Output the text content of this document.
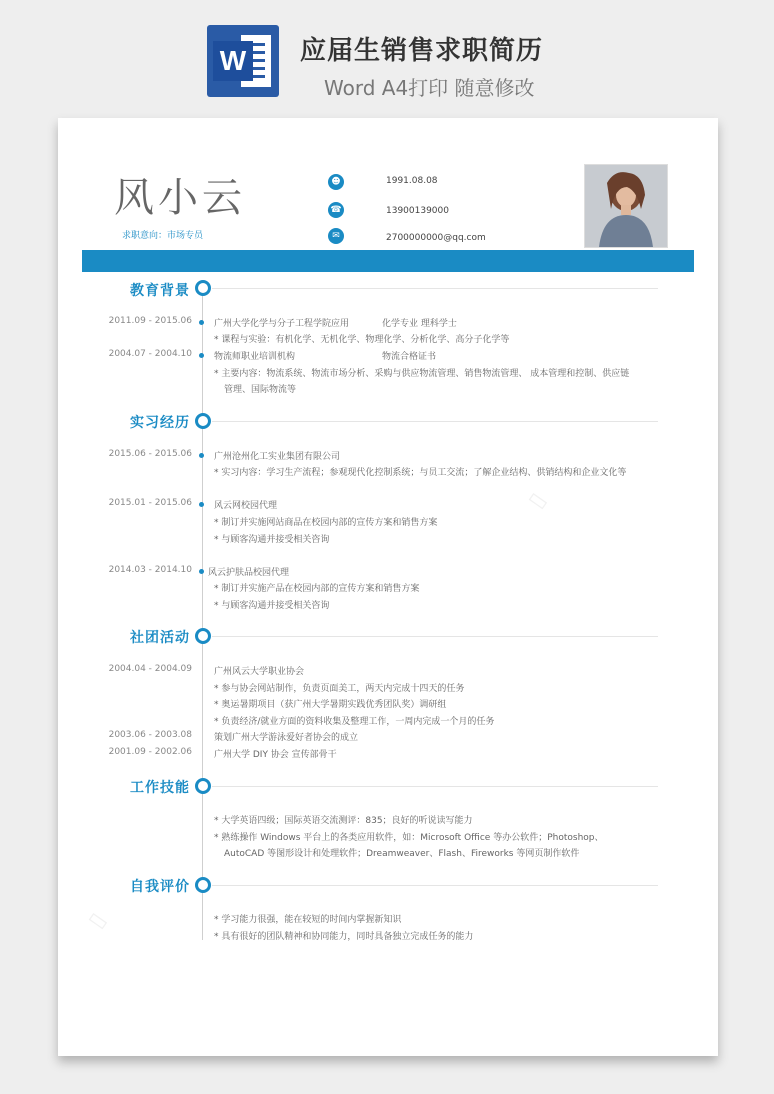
W 应届生销售求职简历
Word A4打印 随意修改
▭
▭
风小云
求职意向：市场专员
☻	1991.08.08
☎	13900139000
✉	2700000000@qq.com
教育背景
2011.09 - 2015.06 广州大学化学与分子工程学院应用	化学专业 理科学士
* 课程与实验：有机化学、无机化学、物理化学、分析化学、高分子化学等
2004.07 - 2004.10 物流师职业培训机构	物流合格证书
* 主要内容：物流系统、物流市场分析、采购与供应物流管理、销售物流管理、 成本管理和控制、供应链
管理、国际物流等
实习经历
2015.06 - 2015.06 广州沧州化工实业集团有限公司
* 实习内容：学习生产流程；参观现代化控制系统；与员工交流；了解企业结构、供销结构和企业文化等
2015.01 - 2015.06 风云网校园代理
* 制订并实施网站商品在校园内部的宣传方案和销售方案
* 与顾客沟通并接受相关咨询
2014.03 - 2014.10 风云护肤品校园代理
* 制订并实施产品在校园内部的宣传方案和销售方案
* 与顾客沟通并接受相关咨询
社团活动
2004.04 - 2004.09 广州风云大学职业协会
* 参与协会网站制作，负责页面美工，两天内完成十四天的任务
* 奥运暑期项目（获广州大学暑期实践优秀团队奖）调研组
* 负责经济/就业方面的资料收集及整理工作，一周内完成一个月的任务
2003.06 - 2003.08 策划广州大学游泳爱好者协会的成立
2001.09 - 2002.06 广州大学 DIY 协会 宣传部骨干
工作技能
* 大学英语四级；国际英语交流测评：835；良好的听说读写能力
* 熟练操作 Windows 平台上的各类应用软件，如：Microsoft Office 等办公软件；Photoshop、
AutoCAD 等图形设计和处理软件；Dreamweaver、Flash、Fireworks 等网页制作软件
自我评价
* 学习能力很强，能在较短的时间内掌握新知识
* 具有很好的团队精神和协同能力，同时具备独立完成任务的能力
